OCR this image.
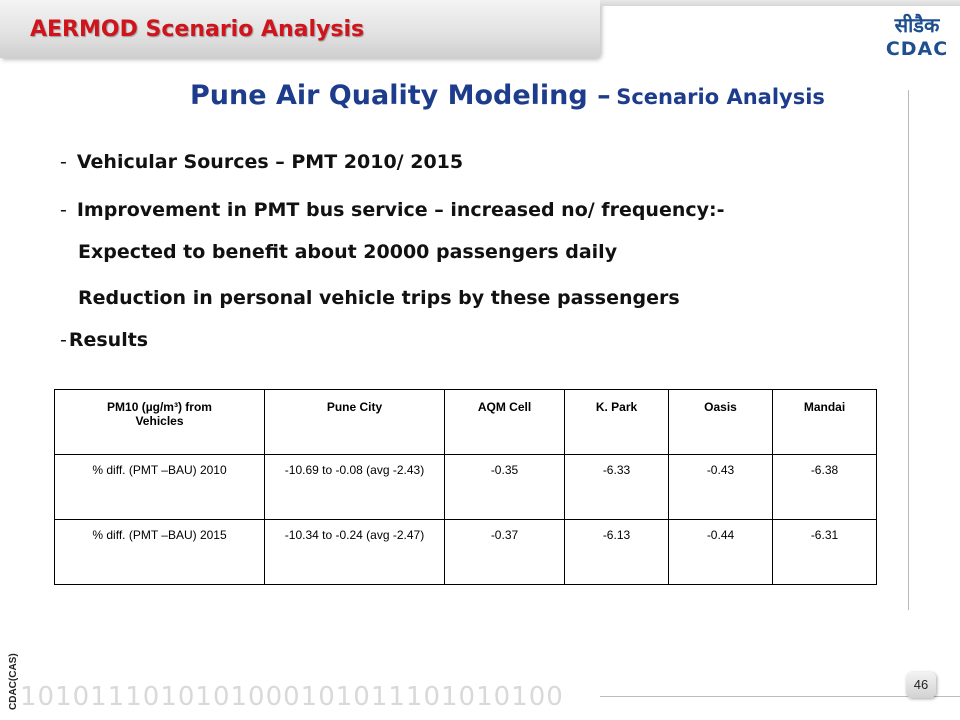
AERMOD Scenario Analysis	सीडैक
CDAC
Pune Air Quality Modeling – Scenario Analysis
- Vehicular Sources – PMT 2010/ 2015
- Improvement in PMT bus service – increased no/ frequency:-
Expected to benefit about 20000 passengers daily
Reduction in personal vehicle trips by these passengers
- Results
PM10 (µg/m³) from
Vehicles	Pune City	AQM Cell	K. Park	Oasis	Mandai
% diff. (PMT –BAU) 2010	-10.69 to -0.08 (avg -2.43)	-0.35	-6.33	-0.43	-6.38
% diff. (PMT –BAU) 2015	-10.34 to -0.24 (avg -2.47)	-0.37	-6.13	-0.44	-6.31
1010111010101000101011101010100
CDAC(CAS)	46
